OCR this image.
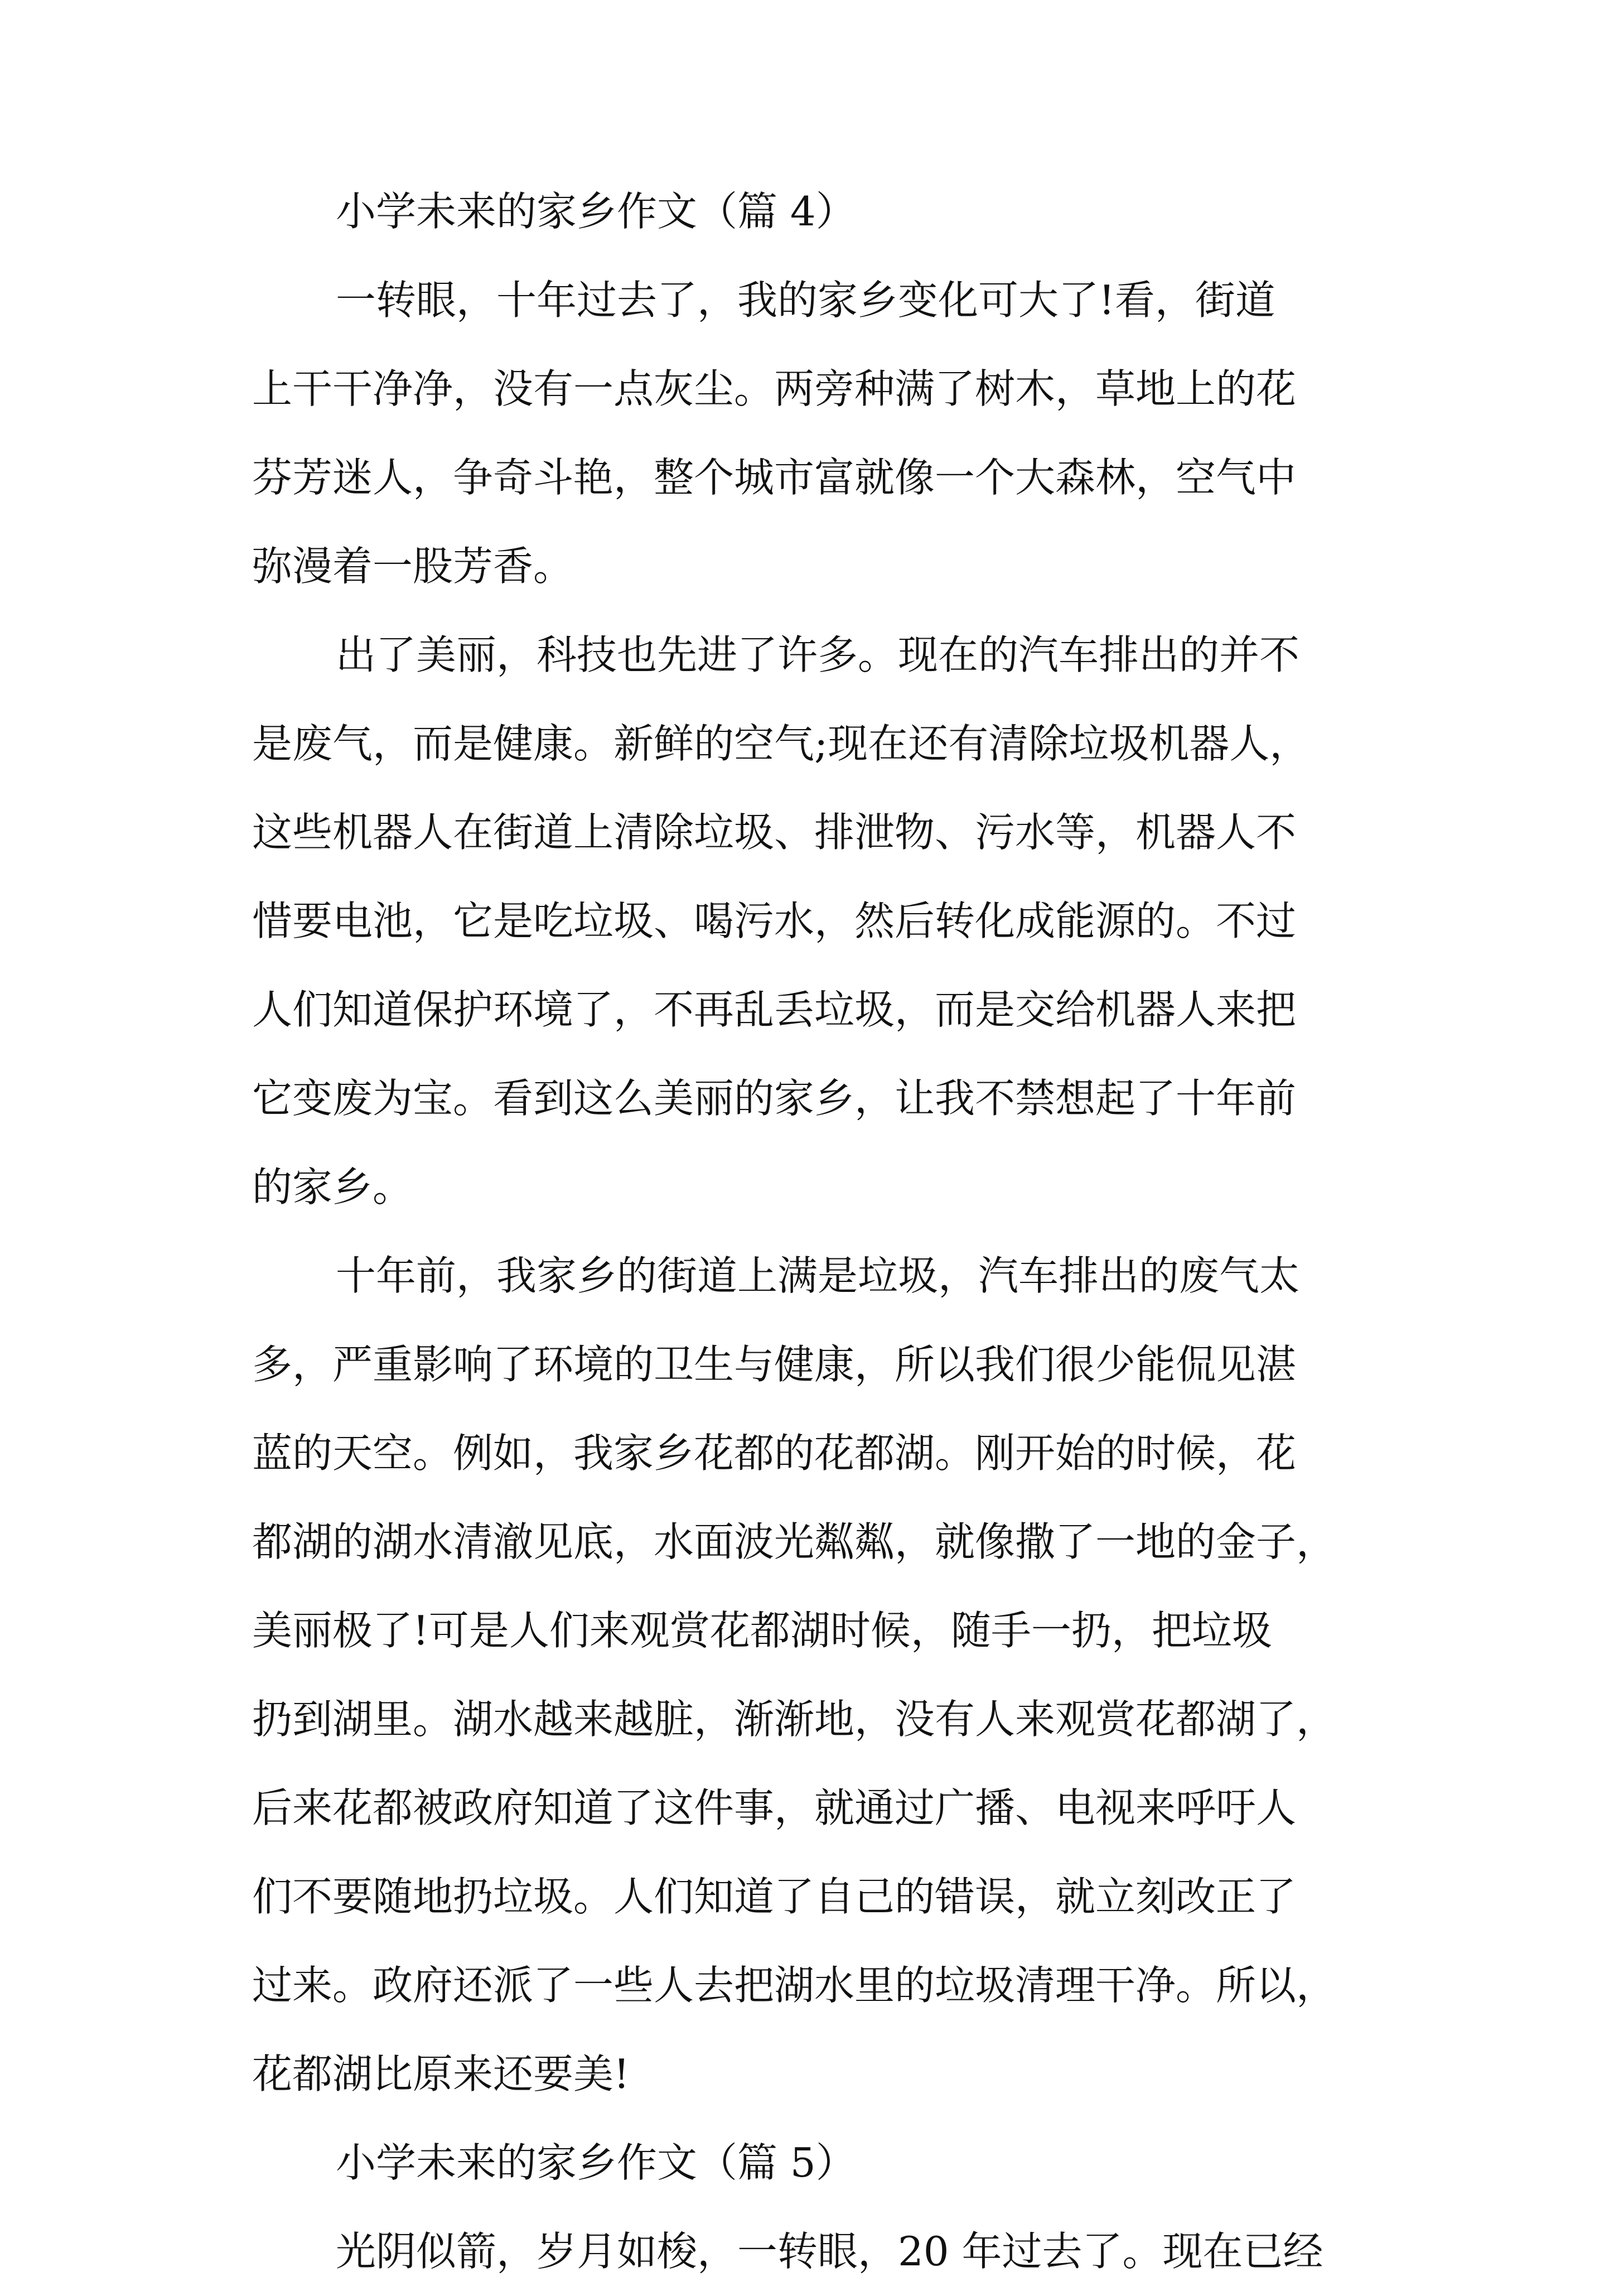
小学未来的家乡作文（篇 4）
一转眼，十年过去了，我的家乡变化可大了!看，街道
上干干净净，没有一点灰尘。两旁种满了树木，草地上的花
芬芳迷人，争奇斗艳，整个城市富就像一个大森林，空气中
弥漫着一股芳香。
出了美丽，科技也先进了许多。现在的汽车排出的并不
是废气，而是健康。新鲜的空气;现在还有清除垃圾机器人，
这些机器人在街道上清除垃圾、排泄物、污水等，机器人不
惜要电池，它是吃垃圾、喝污水，然后转化成能源的。不过
人们知道保护环境了，不再乱丢垃圾，而是交给机器人来把
它变废为宝。看到这么美丽的家乡，让我不禁想起了十年前
的家乡。
十年前，我家乡的街道上满是垃圾，汽车排出的废气太
多，严重影响了环境的卫生与健康，所以我们很少能侃见湛
蓝的天空。例如，我家乡花都的花都湖。刚开始的时候，花
都湖的湖水清澈见底，水面波光粼粼，就像撒了一地的金子，
美丽极了!可是人们来观赏花都湖时候，随手一扔，把垃圾
扔到湖里。湖水越来越脏，渐渐地，没有人来观赏花都湖了，
后来花都被政府知道了这件事，就通过广播、电视来呼吁人
们不要随地扔垃圾。人们知道了自己的错误，就立刻改正了
过来。政府还派了一些人去把湖水里的垃圾清理干净。所以，
花都湖比原来还要美!
小学未来的家乡作文（篇 5）
光阴似箭，岁月如梭，一转眼，20 年过去了。现在已经
